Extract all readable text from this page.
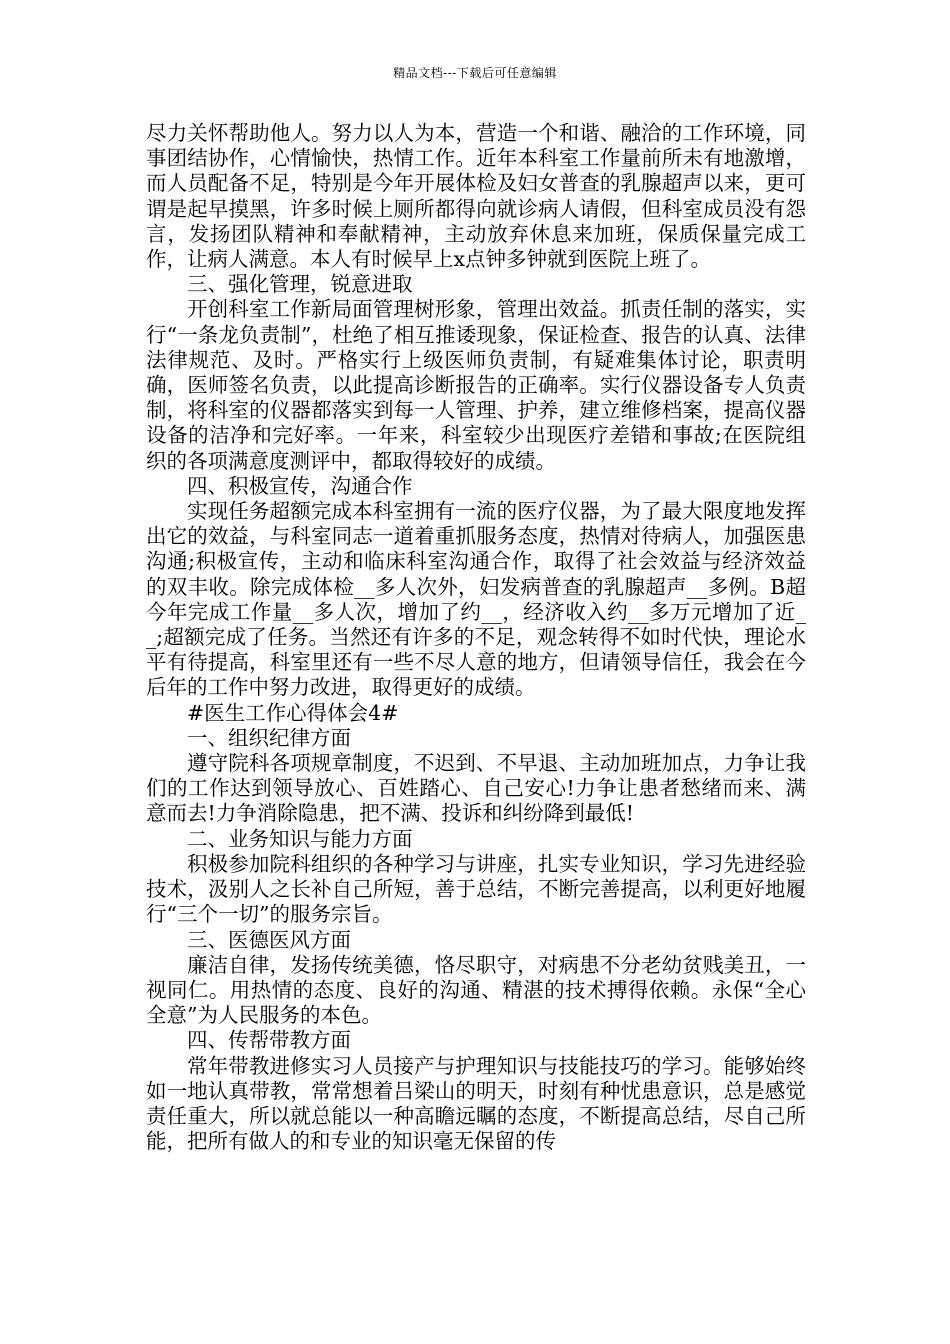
精品文档---下载后可任意编辑

尽力关怀帮助他人。努力以人为本，营造一个和谐、融洽的工作环境，同事团结协作，心情愉快，热情工作。近年本科室工作量前所未有地激增，而人员配备不足，特别是今年开展体检及妇女普查的乳腺超声以来，更可谓是起早摸黑，许多时候上厕所都得向就诊病人请假，但科室成员没有怨言，发扬团队精神和奉献精神，主动放弃休息来加班，保质保量完成工作，让病人满意。本人有时候早上x点钟多钟就到医院上班了。

三、强化管理，锐意进取

开创科室工作新局面管理树形象，管理出效益。抓责任制的落实，实行“一条龙负责制”，杜绝了相互推诿现象，保证检查、报告的认真、法律法律规范、及时。严格实行上级医师负责制，有疑难集体讨论，职责明确，医师签名负责，以此提高诊断报告的正确率。实行仪器设备专人负责制，将科室的仪器都落实到每一人管理、护养，建立维修档案，提高仪器设备的洁净和完好率。一年来，科室较少出现医疗差错和事故;在医院组织的各项满意度测评中，都取得较好的成绩。

四、积极宣传，沟通合作

实现任务超额完成本科室拥有一流的医疗仪器，为了最大限度地发挥出它的效益，与科室同志一道着重抓服务态度，热情对待病人，加强医患沟通;积极宣传，主动和临床科室沟通合作，取得了社会效益与经济效益的双丰收。除完成体检__多人次外，妇发病普查的乳腺超声__多例。B超今年完成工作量__多人次，增加了约__，经济收入约__多万元增加了近__;超额完成了任务。当然还有许多的不足，观念转得不如时代快，理论水平有待提高，科室里还有一些不尽人意的地方，但请领导信任，我会在今后年的工作中努力改进，取得更好的成绩。

#医生工作心得体会4#

一、组织纪律方面

遵守院科各项规章制度，不迟到、不早退、主动加班加点，力争让我们的工作达到领导放心、百姓踏心、自己安心!力争让患者愁绪而来、满意而去!力争消除隐患，把不满、投诉和纠纷降到最低!

二、业务知识与能力方面

积极参加院科组织的各种学习与讲座，扎实专业知识，学习先进经验技术，汲别人之长补自己所短，善于总结，不断完善提高，以利更好地履行“三个一切”的服务宗旨。

三、医德医风方面

廉洁自律，发扬传统美德，恪尽职守，对病患不分老幼贫贱美丑，一视同仁。用热情的态度、良好的沟通、精湛的技术搏得依赖。永保“全心全意”为人民服务的本色。

四、传帮带教方面

常年带教进修实习人员接产与护理知识与技能技巧的学习。能够始终如一地认真带教，常常想着吕梁山的明天，时刻有种忧患意识，总是感觉责任重大，所以就总能以一种高瞻远瞩的态度，不断提高总结，尽自己所能，把所有做人的和专业的知识毫无保留的传
